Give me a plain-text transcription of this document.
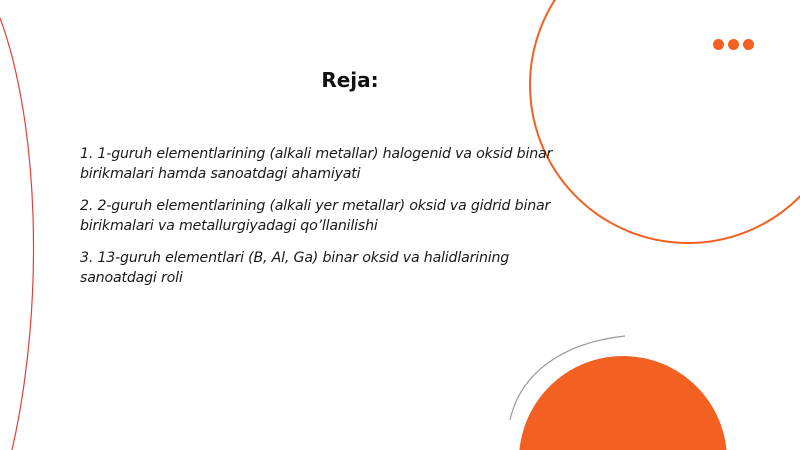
Reja:
1. 1-guruh elementlarining (alkali metallar) halogenid va oksid binar birikmalari hamda sanoatdagi ahamiyati
2. 2-guruh elementlarining (alkali yer metallar) oksid va gidrid binar birikmalari va metallurgiyadagi qo’llanilishi
3. 13-guruh elementlari (B, Al, Ga) binar oksid va halidlarining sanoatdagi roli
